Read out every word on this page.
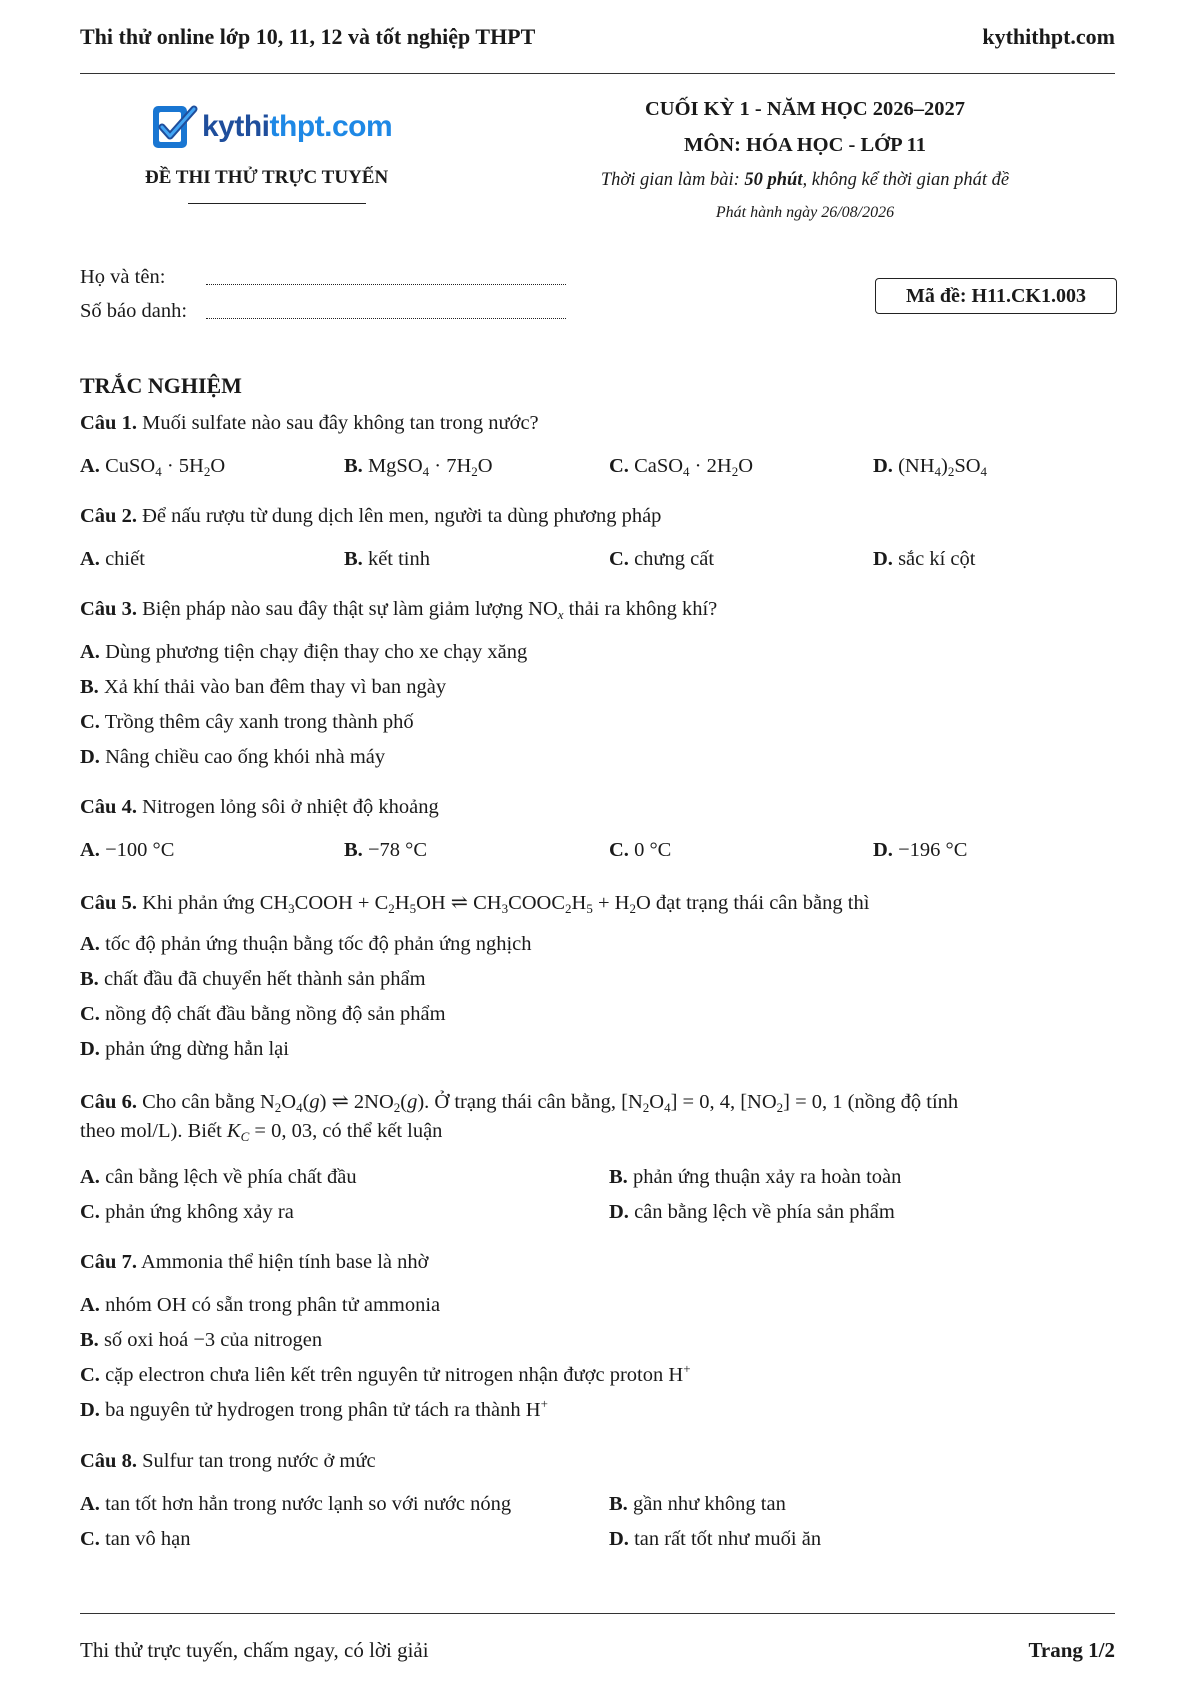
Thi thử online lớp 10, 11, 12 và tốt nghiệp THPT	kythithpt.com
kythi thpt.com
ĐỀ THI THỬ TRỰC TUYẾN
CUỐI KỲ 1 - NĂM HỌC 2026–2027
MÔN: HÓA HỌC - LỚP 11
Thời gian làm bài: 50 phút, không kể thời gian phát đề
Phát hành ngày 26/08/2026
Họ và tên:
Số báo danh:
Mã đề: H11.CK1.003
TRẮC NGHIỆM
Câu 1. Muối sulfate nào sau đây không tan trong nước?
A. CuSO$_4$ · $5H_2O$	B. MgSO$_4$ · $7H_2O$	C. CaSO$_4$ · $2H_2O$	D. $(NH_4)_2SO_4$
Câu 2. Để nấu rượu từ dung dịch lên men, người ta dùng phương pháp
A. chiết	B. kết tinh	C. chưng cất	D. sắc kí cột
Câu 3. Biện pháp nào sau đây thật sự làm giảm lượng $NO_x$ thải ra không khí?
A. Dùng phương tiện chạy điện thay cho xe chạy xăng
B. Xả khí thải vào ban đêm thay vì ban ngày
C. Trồng thêm cây xanh trong thành phố
D. Nâng chiều cao ống khói nhà máy
Câu 4. Nitrogen lỏng sôi ở nhiệt độ khoảng
A. −100 °C	B. −78 °C	C. 0 °C	D. −196 °C
Câu 5. Khi phản ứng $CH_3COOH + C_2H_5OH$ ⇌ $CH_3COOC_2H_5 + H_2O$ đạt trạng thái cân bằng thì
A. tốc độ phản ứng thuận bằng tốc độ phản ứng nghịch
B. chất đầu đã chuyển hết thành sản phẩm
C. nồng độ chất đầu bằng nồng độ sản phẩm
D. phản ứng dừng hẳn lại
Câu 6. Cho cân bằng $N_2O_4(g)$ ⇌ $2NO_2(g)$. Ở trạng thái cân bằng, $[N_2O_4] = 0$, 4, $[NO_2] = 0$, 1 (nồng độ tính
theo mol/L). Biết $K_C = 0$, 03, có thể kết luận
A. cân bằng lệch về phía chất đầu	B. phản ứng thuận xảy ra hoàn toàn
C. phản ứng không xảy ra	D. cân bằng lệch về phía sản phẩm
Câu 7. Ammonia thể hiện tính base là nhờ
A. nhóm OH có sẵn trong phân tử ammonia
B. số oxi hoá −3 của nitrogen
C. cặp electron chưa liên kết trên nguyên tử nitrogen nhận được proton H+
D. ba nguyên tử hydrogen trong phân tử tách ra thành H+
Câu 8. Sulfur tan trong nước ở mức
A. tan tốt hơn hẳn trong nước lạnh so với nước nóng	B. gần như không tan
C. tan vô hạn	D. tan rất tốt như muối ăn
Thi thử trực tuyến, chấm ngay, có lời giải	Trang 1/2
